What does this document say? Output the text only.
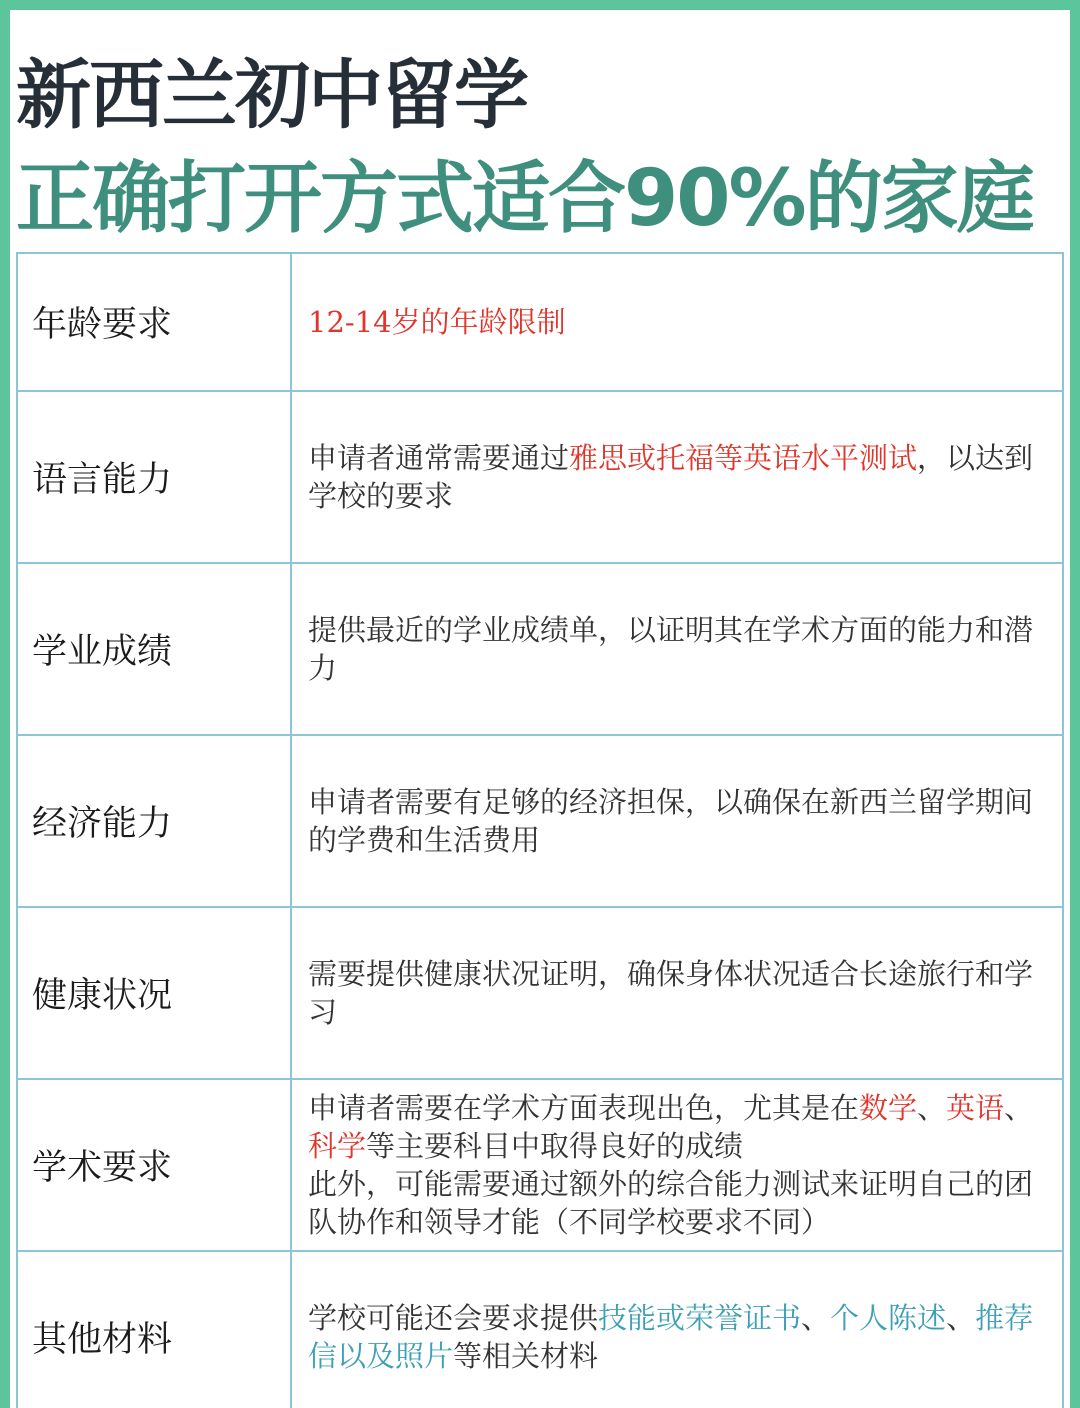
新西兰初中留学
正确打开方式适合90%的家庭
年龄要求	12-14岁的年龄限制
语言能力	申请者通常需要通过雅思或托福等英语水平测试，以达到学校的要求
学业成绩	提供最近的学业成绩单，以证明其在学术方面的能力和潜力
经济能力	申请者需要有足够的经济担保，以确保在新西兰留学期间的学费和生活费用
健康状况	需要提供健康状况证明，确保身体状况适合长途旅行和学习
学术要求	申请者需要在学术方面表现出色，尤其是在数学、英语、科学等主要科目中取得良好的成绩
此外，可能需要通过额外的综合能力测试来证明自己的团队协作和领导才能（不同学校要求不同）
其他材料	学校可能还会要求提供技能或荣誉证书、个人陈述、推荐信以及照片等相关材料
